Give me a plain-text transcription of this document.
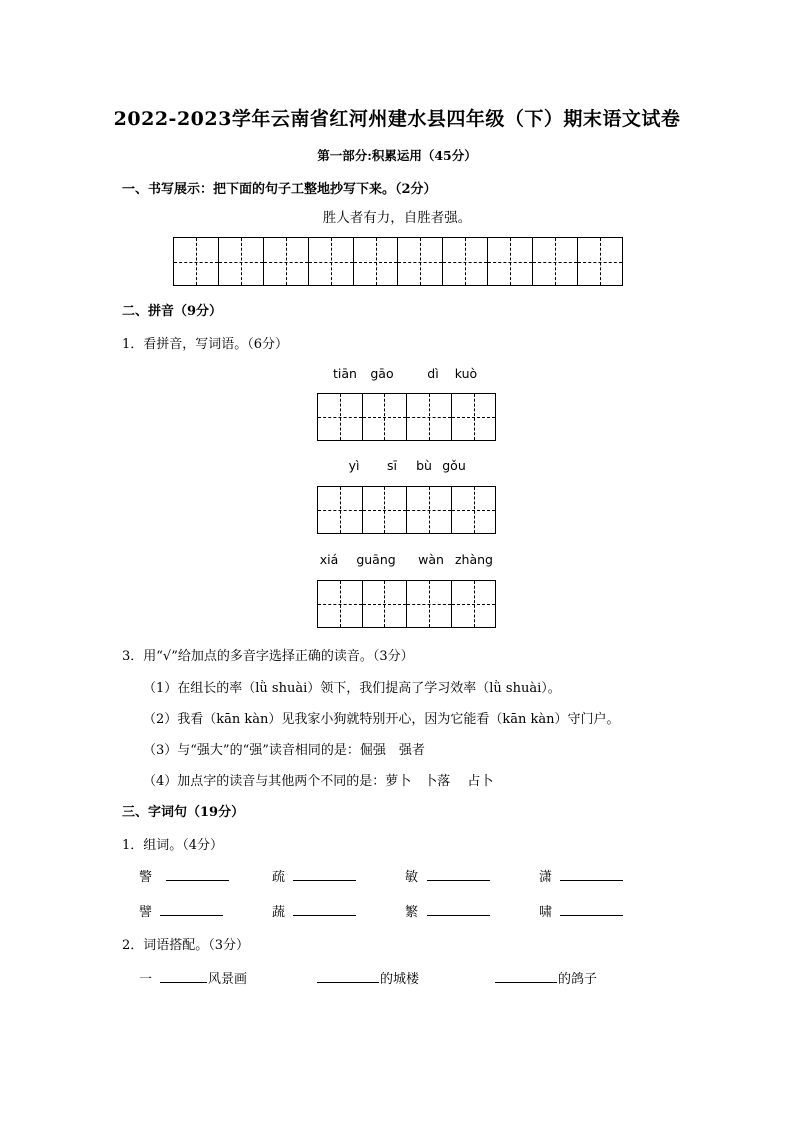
2022-2023学年云南省红河州建水县四年级（下）期末语文试卷
第一部分:积累运用（45分）
一、书写展示：把下面的句子工整地抄写下来。（2分）
胜人者有力，自胜者强。
二、拼音（9分）
1．看拼音，写词语。（6分）
tiān	gāo	dì	kuò
yì	sī	bù gǒu
xiá	guāng	wàn zhàng
3．用“√”给加点的多音字选择正确的读音。（3分）
（1）在组长的率（lǜ shuài）领下，我们提高了学习效率（lǜ shuài）。
（2）我看（kān kàn）见我家小狗就特别开心，因为它能看（kān kàn）守门户。
（3）与“强大”的“强”读音相同的是：倔强　强者
（4）加点字的读音与其他两个不同的是：萝卜　卜落　 占卜
三、字词句（19分）
1．组词。（4分）
警	疏	敏	潇
譬	蔬	繁	啸
2．词语搭配。（3分）
一	风景画	的城楼	的鸽子
